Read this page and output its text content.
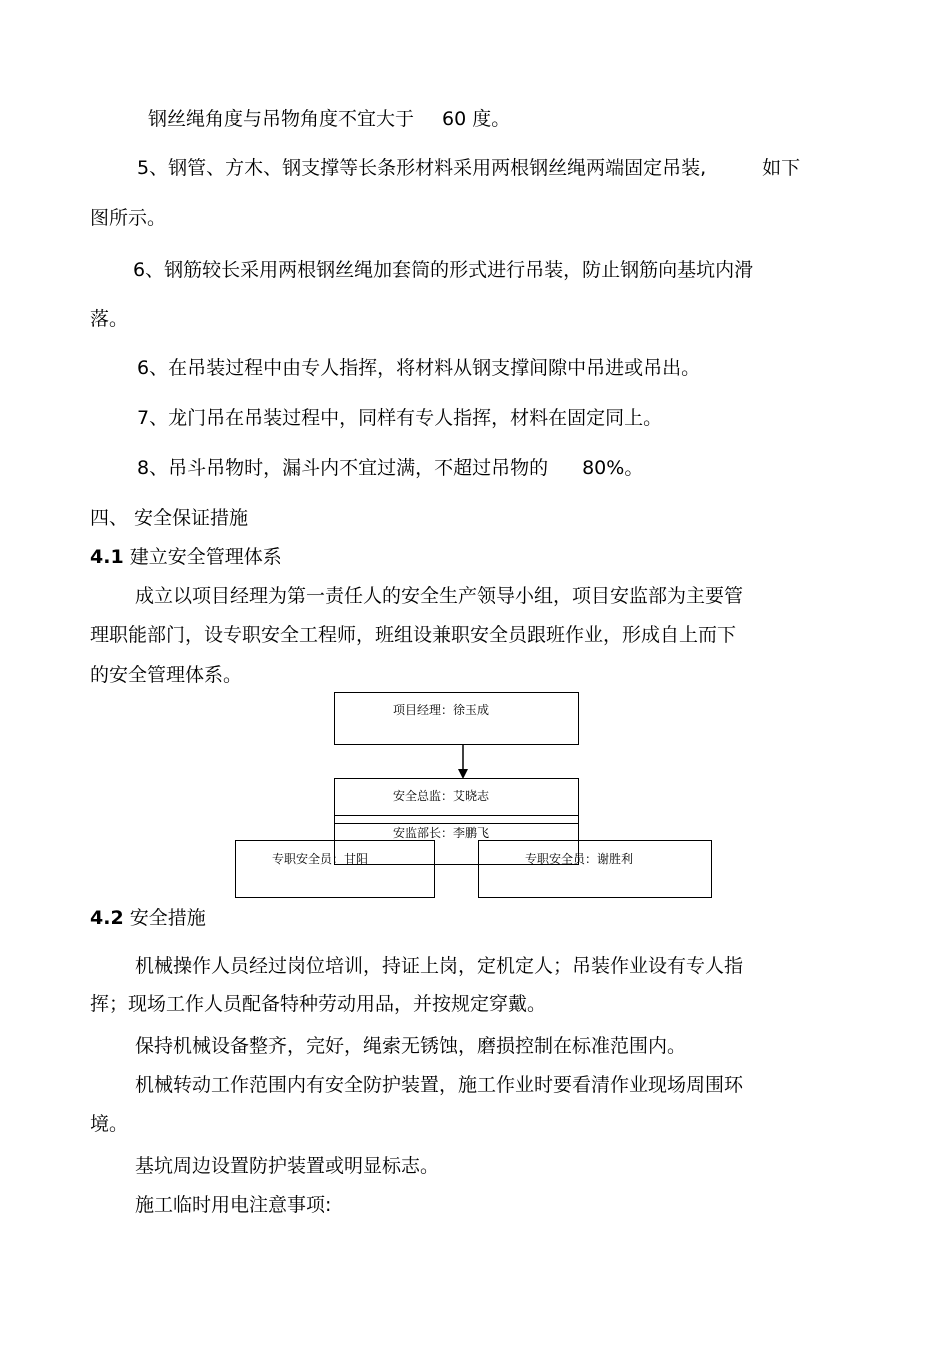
钢丝绳角度与吊物角度不宜大于 60 度。
5、钢管、方木、钢支撑等长条形材料采用两根钢丝绳两端固定吊装,	如下
图所示。
6、钢筋较长采用两根钢丝绳加套筒的形式进行吊装，防止钢筋向基坑内滑
落。
6、在吊装过程中由专人指挥，将材料从钢支撑间隙中吊进或吊出。
7、龙门吊在吊装过程中，同样有专人指挥，材料在固定同上。
8、吊斗吊物时，漏斗内不宜过满，不超过吊物的 80%。
四、 安全保证措施
4.1 建立安全管理体系
成立以项目经理为第一责任人的安全生产领导小组，项目安监部为主要管
理职能部门，设专职安全工程师，班组设兼职安全员跟班作业，形成自上而下
的安全管理体系。
项目经理：徐玉成
安全总监：艾晓志
安监部长：李鹏飞
专职安全员：甘阳	专职安全员：谢胜利
4.2 安全措施
机械操作人员经过岗位培训，持证上岗，定机定人；吊装作业设有专人指
挥；现场工作人员配备特种劳动用品，并按规定穿戴。
保持机械设备整齐，完好，绳索无锈蚀，磨损控制在标准范围内。
机械转动工作范围内有安全防护装置，施工作业时要看清作业现场周围环
境。
基坑周边设置防护装置或明显标志。
施工临时用电注意事项:
